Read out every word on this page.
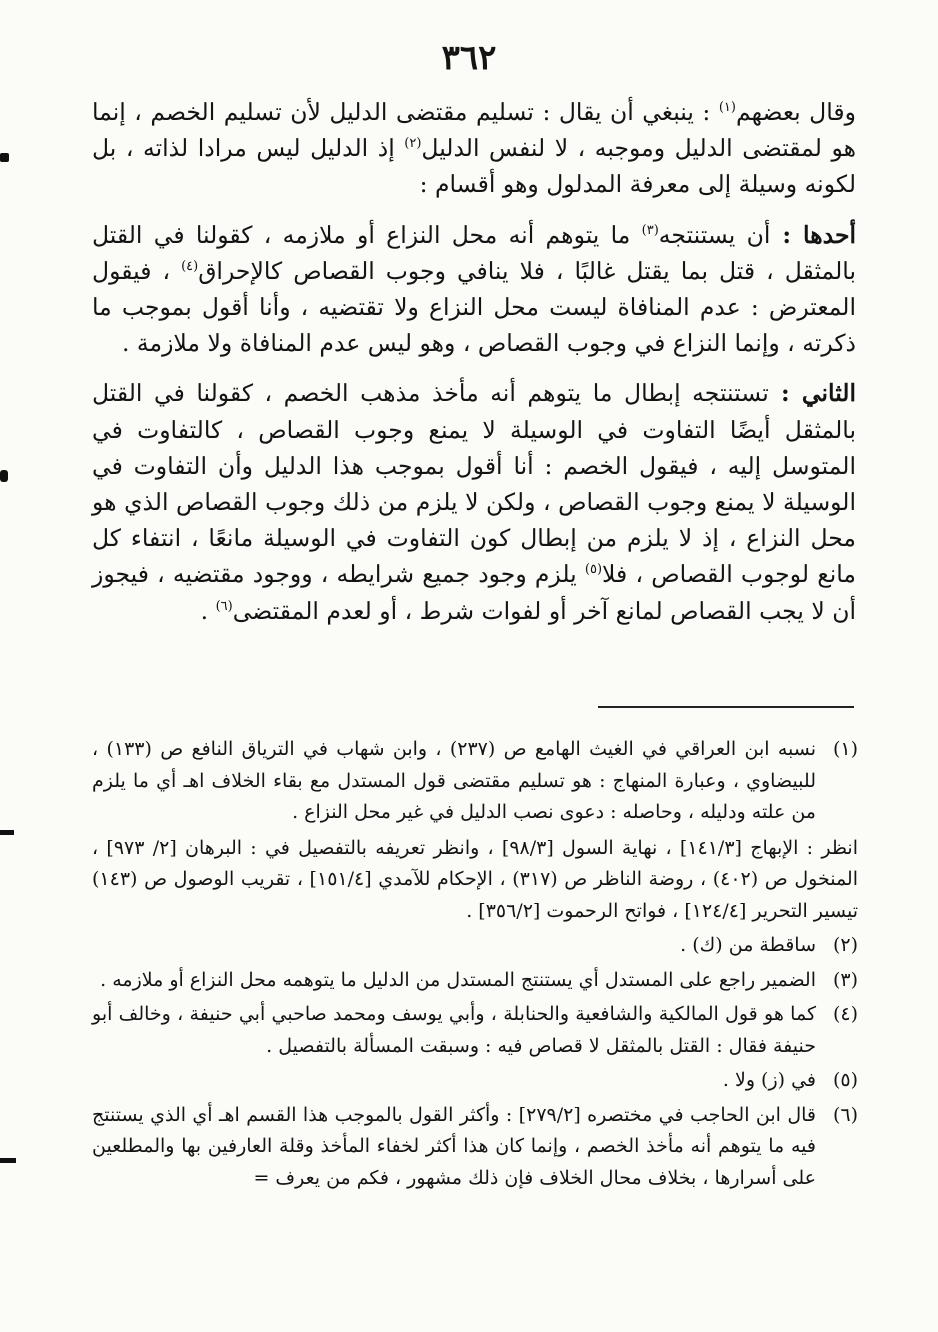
٣٦٢

وقال بعضهم$^{(١)}$ : ينبغي أن يقال : تسليم مقتضى الدليل لأن تسليم الخصم ، إنما هو لمقتضى الدليل وموجبه ، لا لنفس الدليل$^{(٢)}$ إذ الدليل ليس مرادا لذاته ، بل لكونه وسيلة إلى معرفة المدلول وهو أقسام :

أحدها : أن يستنتجه$^{(٣)}$ ما يتوهم أنه محل النزاع أو ملازمه ، كقولنا في القتل بالمثقل ، قتل بما يقتل غالبًا ، فلا ينافي وجوب القصاص كالإحراق$^{(٤)}$ ، فيقول المعترض : عدم المنافاة ليست محل النزاع ولا تقتضيه ، وأنا أقول بموجب ما ذكرته ، وإنما النزاع في وجوب القصاص ، وهو ليس عدم المنافاة ولا ملازمة .

الثاني : تستنتجه إبطال ما يتوهم أنه مأخذ مذهب الخصم ، كقولنا في القتل بالمثقل أيضًا التفاوت في الوسيلة لا يمنع وجوب القصاص ، كالتفاوت في المتوسل إليه ، فيقول الخصم : أنا أقول بموجب هذا الدليل وأن التفاوت في الوسيلة لا يمنع وجوب القصاص ، ولكن لا يلزم من ذلك وجوب القصاص الذي هو محل النزاع ، إذ لا يلزم من إبطال كون التفاوت في الوسيلة مانعًا ، انتفاء كل مانع لوجوب القصاص ، فلا$^{(٥)}$ يلزم وجود جميع شرايطه ، ووجود مقتضيه ، فيجوز أن لا يجب القصاص لمانع آخر أو لفوات شرط ، أو لعدم المقتضى$^{(٦)}$ .

(١)
نسبه ابن العراقي في الغيث الهامع ص (٢٣٧) ، وابن شهاب في الترياق النافع ص (١٣٣) ، للبيضاوي ، وعبارة المنهاج : هو تسليم مقتضى قول المستدل مع بقاء الخلاف اهـ أي ما يلزم من علته ودليله ، وحاصله : دعوى نصب الدليل في غير محل النزاع .
انظر : الإبهاج [١٤١/٣] ، نهاية السول [٩٨/٣] ، وانظر تعريفه بالتفصيل في : البرهان [٢/ ٩٧٣] ، المنخول ص (٤٠٢) ، روضة الناظر ص (٣١٧) ، الإحكام للآمدي [١٥١/٤] ، تقريب الوصول ص (١٤٣) تيسير التحرير [١٢٤/٤] ، فواتح الرحموت [٣٥٦/٢] .
(٢)
ساقطة من (ك) .
(٣)
الضمير راجع على المستدل أي يستنتج المستدل من الدليل ما يتوهمه محل النزاع أو ملازمه .
(٤)
كما هو قول المالكية والشافعية والحنابلة ، وأبي يوسف ومحمد صاحبي أبي حنيفة ، وخالف أبو حنيفة فقال : القتل بالمثقل لا قصاص فيه : وسبقت المسألة بالتفصيل .
(٥)
في (ز) ولا .
(٦)
قال ابن الحاجب في مختصره [٢٧٩/٢] : وأكثر القول بالموجب هذا القسم اهـ أي الذي يستنتج فيه ما يتوهم أنه مأخذ الخصم ، وإنما كان هذا أكثر لخفاء المأخذ وقلة العارفين بها والمطلعين على أسرارها ، بخلاف محال الخلاف فإن ذلك مشهور ، فكم من يعرف =
